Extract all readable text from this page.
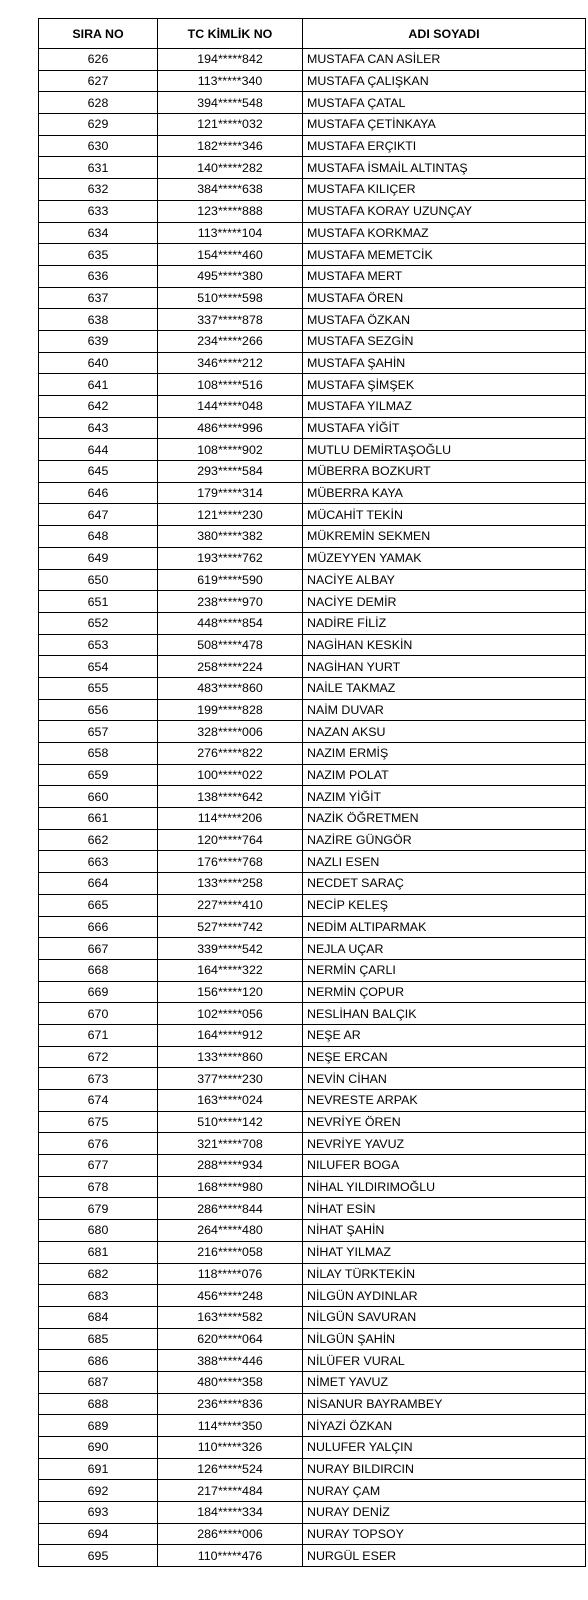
SIRA NO	TC KİMLİK NO	ADI SOYADI
626	194*****842	MUSTAFA CAN ASİLER
627	113*****340	MUSTAFA ÇALIŞKAN
628	394*****548	MUSTAFA ÇATAL
629	121*****032	MUSTAFA ÇETİNKAYA
630	182*****346	MUSTAFA ERÇIKTI
631	140*****282	MUSTAFA İSMAİL ALTINTAŞ
632	384*****638	MUSTAFA KILIÇER
633	123*****888	MUSTAFA KORAY UZUNÇAY
634	113*****104	MUSTAFA KORKMAZ
635	154*****460	MUSTAFA MEMETCİK
636	495*****380	MUSTAFA MERT
637	510*****598	MUSTAFA ÖREN
638	337*****878	MUSTAFA ÖZKAN
639	234*****266	MUSTAFA SEZGİN
640	346*****212	MUSTAFA ŞAHİN
641	108*****516	MUSTAFA ŞİMŞEK
642	144*****048	MUSTAFA YILMAZ
643	486*****996	MUSTAFA YİĞİT
644	108*****902	MUTLU DEMİRTAŞOĞLU
645	293*****584	MÜBERRA BOZKURT
646	179*****314	MÜBERRA KAYA
647	121*****230	MÜCAHİT TEKİN
648	380*****382	MÜKREMİN SEKMEN
649	193*****762	MÜZEYYEN YAMAK
650	619*****590	NACİYE ALBAY
651	238*****970	NACİYE DEMİR
652	448*****854	NADİRE FİLİZ
653	508*****478	NAGİHAN KESKİN
654	258*****224	NAGİHAN YURT
655	483*****860	NAİLE TAKMAZ
656	199*****828	NAİM DUVAR
657	328*****006	NAZAN AKSU
658	276*****822	NAZIM ERMİŞ
659	100*****022	NAZIM POLAT
660	138*****642	NAZIM YİĞİT
661	114*****206	NAZİK ÖĞRETMEN
662	120*****764	NAZİRE GÜNGÖR
663	176*****768	NAZLI ESEN
664	133*****258	NECDET SARAÇ
665	227*****410	NECİP KELEŞ
666	527*****742	NEDİM ALTIPARMAK
667	339*****542	NEJLA UÇAR
668	164*****322	NERMİN ÇARLI
669	156*****120	NERMİN ÇOPUR
670	102*****056	NESLİHAN BALÇIK
671	164*****912	NEŞE AR
672	133*****860	NEŞE ERCAN
673	377*****230	NEVİN CİHAN
674	163*****024	NEVRESTE ARPAK
675	510*****142	NEVRİYE ÖREN
676	321*****708	NEVRİYE YAVUZ
677	288*****934	NILUFER BOGA
678	168*****980	NİHAL YILDIRIMOĞLU
679	286*****844	NİHAT ESİN
680	264*****480	NİHAT ŞAHİN
681	216*****058	NİHAT YILMAZ
682	118*****076	NİLAY TÜRKTEKİN
683	456*****248	NİLGÜN AYDINLAR
684	163*****582	NİLGÜN SAVURAN
685	620*****064	NİLGÜN ŞAHİN
686	388*****446	NİLÜFER VURAL
687	480*****358	NİMET YAVUZ
688	236*****836	NİSANUR BAYRAMBEY
689	114*****350	NİYAZİ ÖZKAN
690	110*****326	NULUFER YALÇIN
691	126*****524	NURAY BILDIRCIN
692	217*****484	NURAY ÇAM
693	184*****334	NURAY DENİZ
694	286*****006	NURAY TOPSOY
695	110*****476	NURGÜL ESER
